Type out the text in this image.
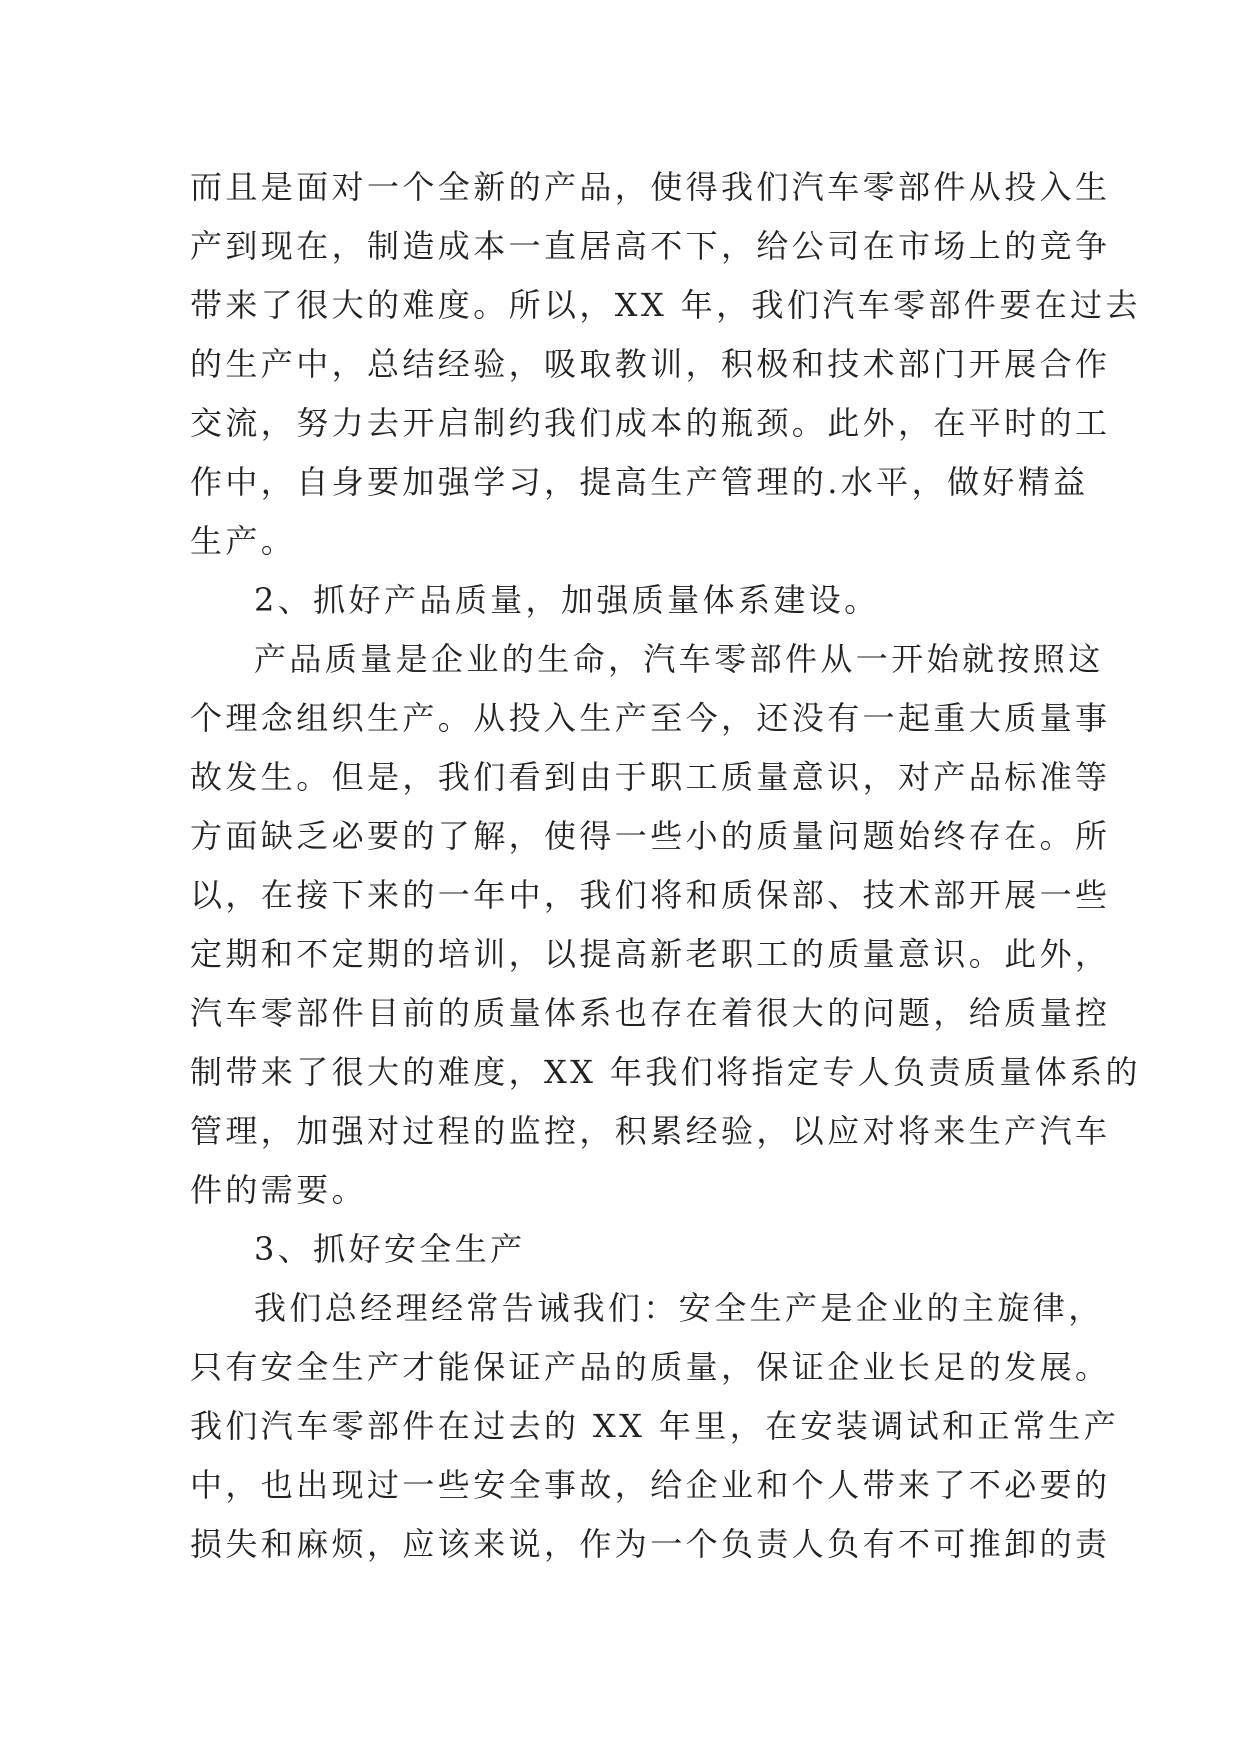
而且是面对一个全新的产品，使得我们汽车零部件从投入生
产到现在，制造成本一直居高不下，给公司在市场上的竞争
带来了很大的难度。所以，XX 年，我们汽车零部件要在过去
的生产中，总结经验，吸取教训，积极和技术部门开展合作
交流，努力去开启制约我们成本的瓶颈。此外，在平时的工
作中，自身要加强学习，提高生产管理的.水平，做好精益
生产。
2、抓好产品质量，加强质量体系建设。
产品质量是企业的生命，汽车零部件从一开始就按照这
个理念组织生产。从投入生产至今，还没有一起重大质量事
故发生。但是，我们看到由于职工质量意识，对产品标准等
方面缺乏必要的了解，使得一些小的质量问题始终存在。所
以，在接下来的一年中，我们将和质保部、技术部开展一些
定期和不定期的培训，以提高新老职工的质量意识。此外，
汽车零部件目前的质量体系也存在着很大的问题，给质量控
制带来了很大的难度，XX 年我们将指定专人负责质量体系的
管理，加强对过程的监控，积累经验，以应对将来生产汽车
件的需要。
3、抓好安全生产
我们总经理经常告诫我们：安全生产是企业的主旋律，
只有安全生产才能保证产品的质量，保证企业长足的发展。
我们汽车零部件在过去的 XX 年里，在安装调试和正常生产
中，也出现过一些安全事故，给企业和个人带来了不必要的
损失和麻烦，应该来说，作为一个负责人负有不可推卸的责
